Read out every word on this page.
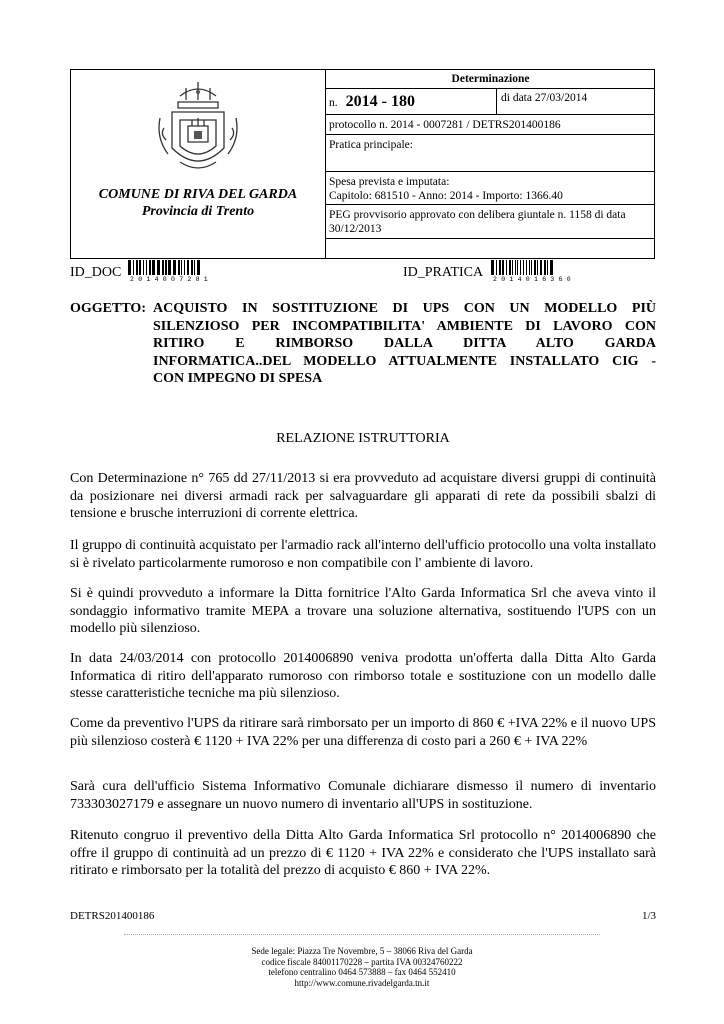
COMUNE DI RIVA DEL GARDA
Provincia di Trento
Determinazione
n. 2014 - 180	di data 27/03/2014
protocollo n. 2014 - 0007281 / DETRS201400186
Pratica principale:
Spesa prevista e imputata:
Capitolo: 681510 - Anno: 2014 - Importo: 1366.40
PEG provvisorio approvato con delibera giuntale n. 1158 di data
30/12/2013
ID_DOC 2014007281	ID_PRATICA 2014016360
OGGETTO: ACQUISTO IN SOSTITUZIONE DI UPS CON UN MODELLO PIÙ
SILENZIOSO PER INCOMPATIBILITA' AMBIENTE DI LAVORO CON
RITIRO E RIMBORSO DALLA DITTA ALTO GARDA
INFORMATICA..DEL MODELLO ATTUALMENTE INSTALLATO CIG -
CON IMPEGNO DI SPESA
RELAZIONE ISTRUTTORIA
Con Determinazione n° 765 dd 27/11/2013 si era provveduto ad acquistare diversi gruppi di continuità da posizionare nei diversi armadi rack per salvaguardare gli apparati di rete da possibili sbalzi di tensione e brusche interruzioni di corrente elettrica.
Il gruppo di continuità acquistato per l'armadio rack all'interno dell'ufficio protocollo una volta installato si è rivelato particolarmente rumoroso e non compatibile con l' ambiente di lavoro.
Si è quindi provveduto a informare la Ditta fornitrice l'Alto Garda Informatica Srl che aveva vinto il sondaggio informativo tramite MEPA a trovare una soluzione alternativa, sostituendo l'UPS con un modello più silenzioso.
In data 24/03/2014 con protocollo 2014006890 veniva prodotta un'offerta dalla Ditta Alto Garda Informatica di ritiro dell'apparato rumoroso con rimborso totale e sostituzione con un modello dalle stesse caratteristiche tecniche ma più silenzioso.
Come da preventivo l'UPS da ritirare sarà rimborsato per un importo di 860 € +IVA 22% e il nuovo UPS più silenzioso costerà € 1120 + IVA 22% per una differenza di costo pari a 260 € + IVA 22%
Sarà cura dell'ufficio Sistema Informativo Comunale dichiarare dismesso il numero di inventario 733303027179 e assegnare un nuovo numero di inventario all'UPS in sostituzione.
Ritenuto congruo il preventivo della Ditta Alto Garda Informatica Srl protocollo n° 2014006890 che offre il gruppo di continuità ad un prezzo di € 1120 + IVA 22% e considerato che l'UPS installato sarà ritirato e rimborsato per la totalità del prezzo di acquisto € 860 + IVA 22%.
DETRS201400186	1/3
Sede legale: Piazza Tre Novembre, 5 – 38066 Riva del Garda
codice fiscale 84001170228 – partita IVA 00324760222
telefono centralino 0464 573888 – fax 0464 552410
http://www.comune.rivadelgarda.tn.it
